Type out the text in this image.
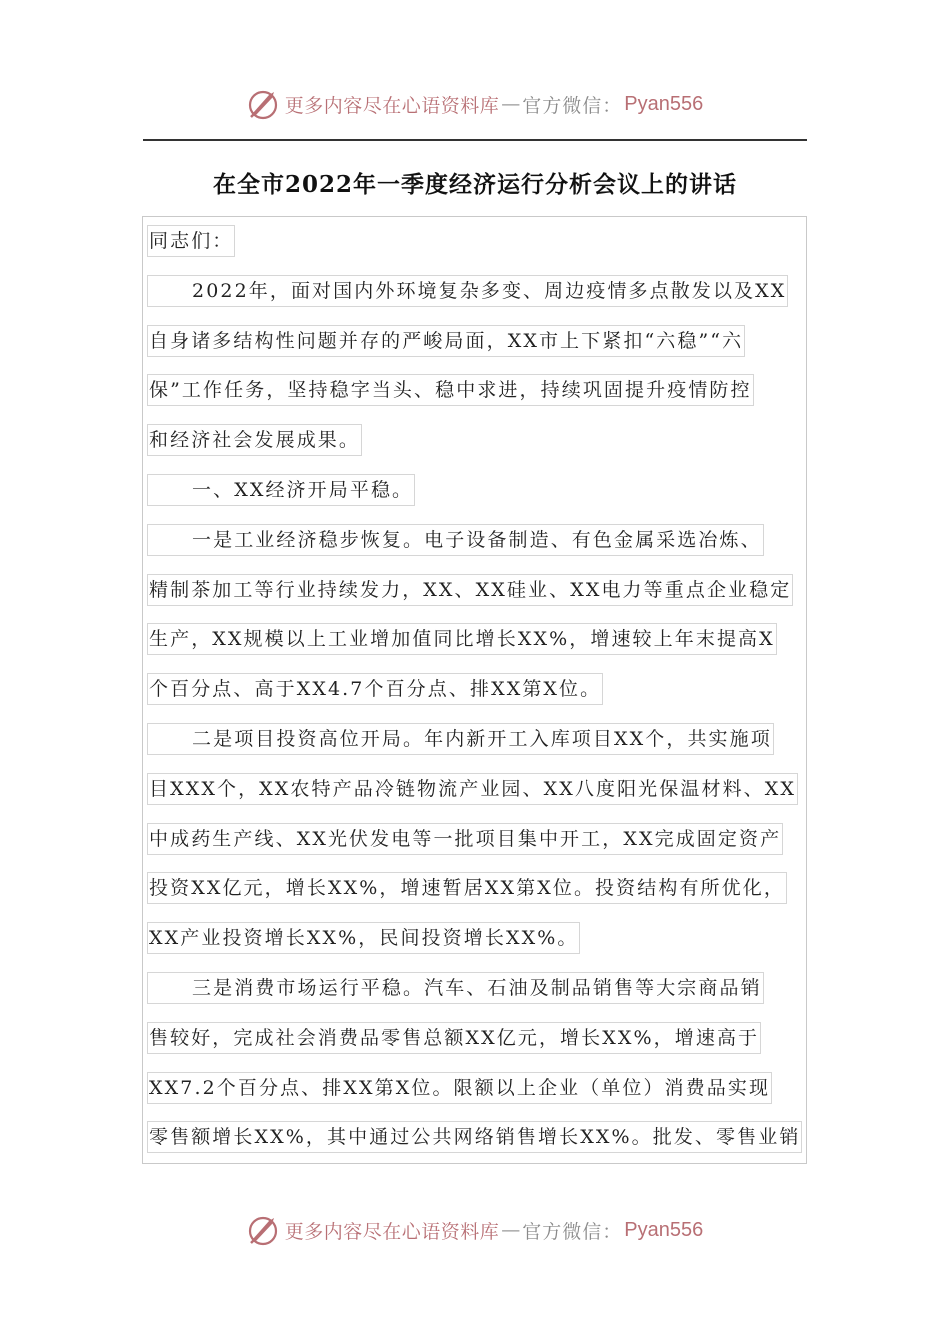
更多内容尽在心语资料库 — 官方微信： Pyan556
在全市2022年一季度经济运行分析会议上的讲话
同志们：
2022年，面对国内外环境复杂多变、周边疫情多点散发以及XX
自身诸多结构性问题并存的严峻局面，XX市上下紧扣“六稳”“六
保”工作任务，坚持稳字当头、稳中求进，持续巩固提升疫情防控
和经济社会发展成果。
一、XX经济开局平稳。
一是工业经济稳步恢复。电子设备制造、有色金属采选冶炼、
精制茶加工等行业持续发力，XX、XX硅业、XX电力等重点企业稳定
生产，XX规模以上工业增加值同比增长XX%，增速较上年末提高X
个百分点、高于XX4.7个百分点、排XX第X位。
二是项目投资高位开局。年内新开工入库项目XX个，共实施项
目XXX个，XX农特产品冷链物流产业园、XX八度阳光保温材料、XX
中成药生产线、XX光伏发电等一批项目集中开工，XX完成固定资产
投资XX亿元，增长XX%，增速暂居XX第X位。投资结构有所优化，
XX产业投资增长XX%，民间投资增长XX%。
三是消费市场运行平稳。汽车、石油及制品销售等大宗商品销
售较好，完成社会消费品零售总额XX亿元，增长XX%，增速高于
XX7.2个百分点、排XX第X位。限额以上企业（单位）消费品实现
零售额增长XX%，其中通过公共网络销售增长XX%。批发、零售业销
更多内容尽在心语资料库 — 官方微信： Pyan556
